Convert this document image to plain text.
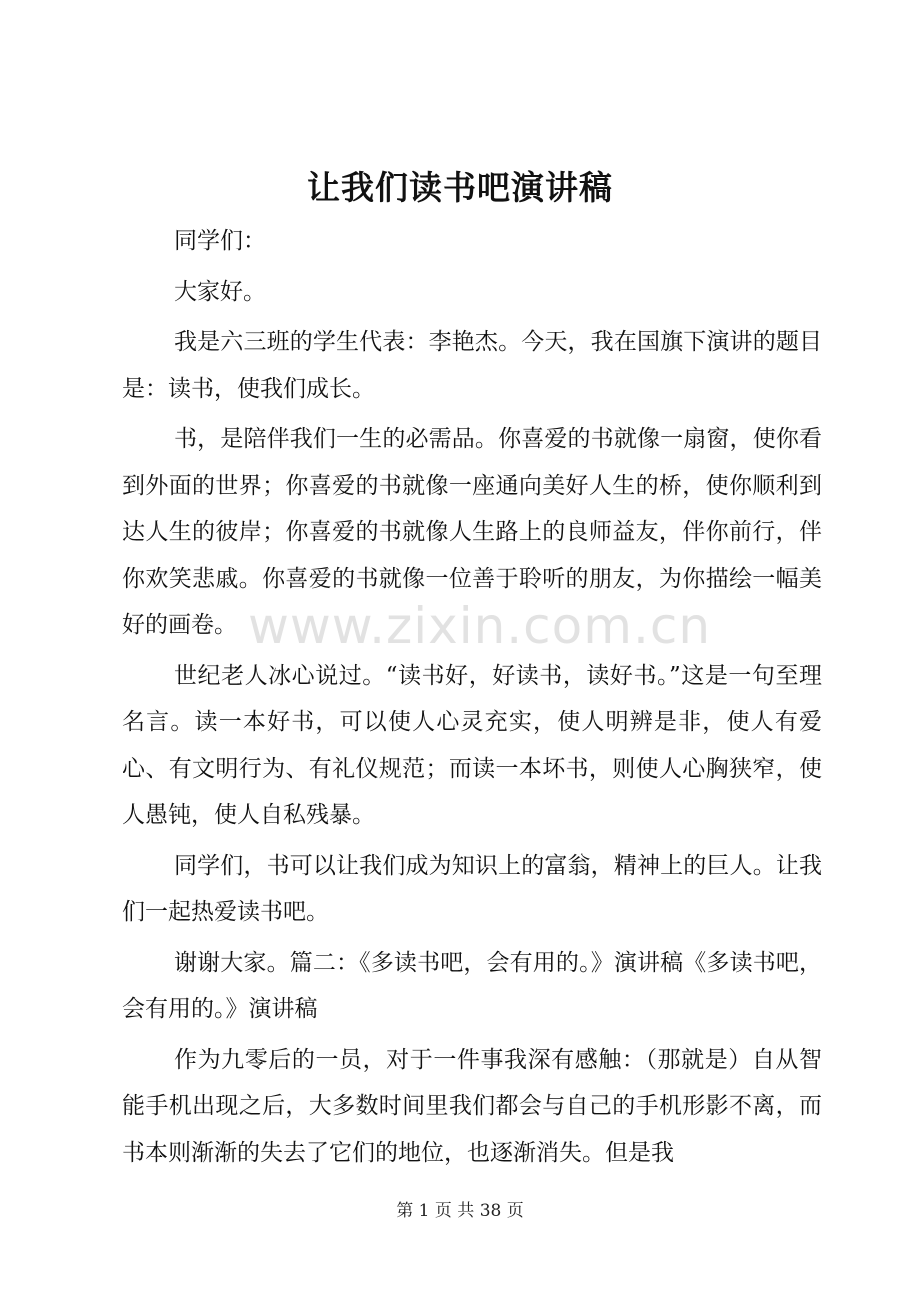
让我们读书吧演讲稿

同学们：

大家好。

我是六三班的学生代表：李艳杰。今天，我在国旗下演讲的题目是：读书，使我们成长。

书，是陪伴我们一生的必需品。你喜爱的书就像一扇窗，使你看到外面的世界；你喜爱的书就像一座通向美好人生的桥，使你顺利到达人生的彼岸；你喜爱的书就像人生路上的良师益友，伴你前行，伴你欢笑悲戚。你喜爱的书就像一位善于聆听的朋友，为你描绘一幅美好的画卷。

世纪老人冰心说过。“读书好，好读书，读好书。”这是一句至理名言。读一本好书，可以使人心灵充实，使人明辨是非，使人有爱心、有文明行为、有礼仪规范；而读一本坏书，则使人心胸狭窄，使人愚钝，使人自私残暴。

同学们，书可以让我们成为知识上的富翁，精神上的巨人。让我们一起热爱读书吧。

谢谢大家。篇二：《多读书吧，会有用的。》演讲稿《多读书吧，会有用的。》演讲稿

作为九零后的一员，对于一件事我深有感触：（那就是）自从智能手机出现之后，大多数时间里我们都会与自己的手机形影不离，而书本则渐渐的失去了它们的地位，也逐渐消失。但是我

www.zixin.com.cn
第 1 页 共 38 页
